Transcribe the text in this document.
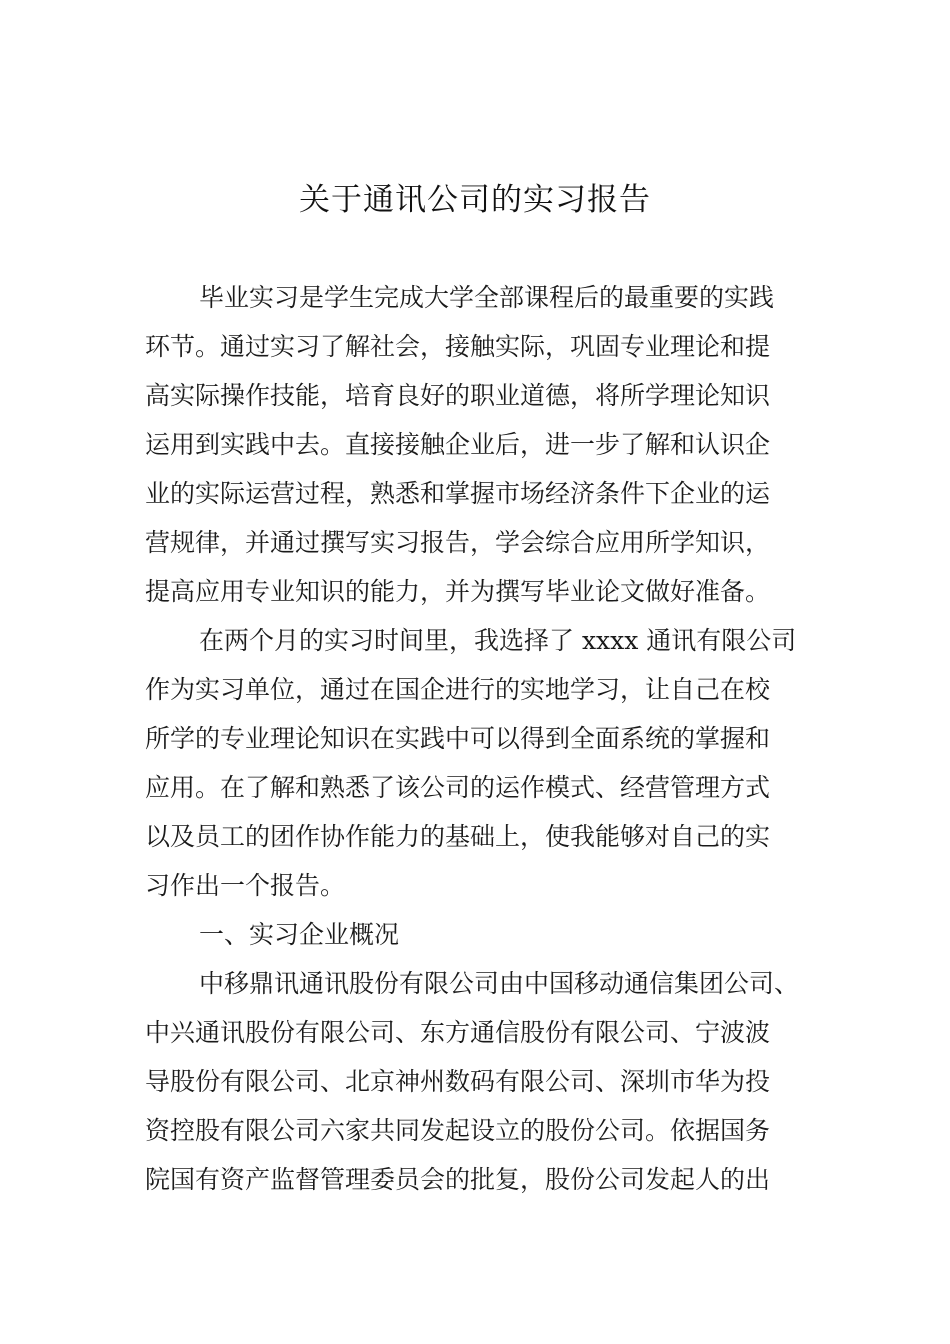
关于通讯公司的实习报告
毕业实习是学生完成大学全部课程后的最重要的实践
环节。通过实习了解社会，接触实际，巩固专业理论和提
高实际操作技能，培育良好的职业道德，将所学理论知识
运用到实践中去。直接接触企业后，进一步了解和认识企
业的实际运营过程，熟悉和掌握市场经济条件下企业的运
营规律，并通过撰写实习报告，学会综合应用所学知识，
提高应用专业知识的能力，并为撰写毕业论文做好准备。
在两个月的实习时间里，我选择了 xxxx 通讯有限公司
作为实习单位，通过在国企进行的实地学习，让自己在校
所学的专业理论知识在实践中可以得到全面系统的掌握和
应用。在了解和熟悉了该公司的运作模式、经营管理方式
以及员工的团作协作能力的基础上，使我能够对自己的实
习作出一个报告。
一、实习企业概况
中移鼎讯通讯股份有限公司由中国移动通信集团公司、
中兴通讯股份有限公司、东方通信股份有限公司、宁波波
导股份有限公司、北京神州数码有限公司、深圳市华为投
资控股有限公司六家共同发起设立的股份公司。依据国务
院国有资产监督管理委员会的批复，股份公司发起人的出
